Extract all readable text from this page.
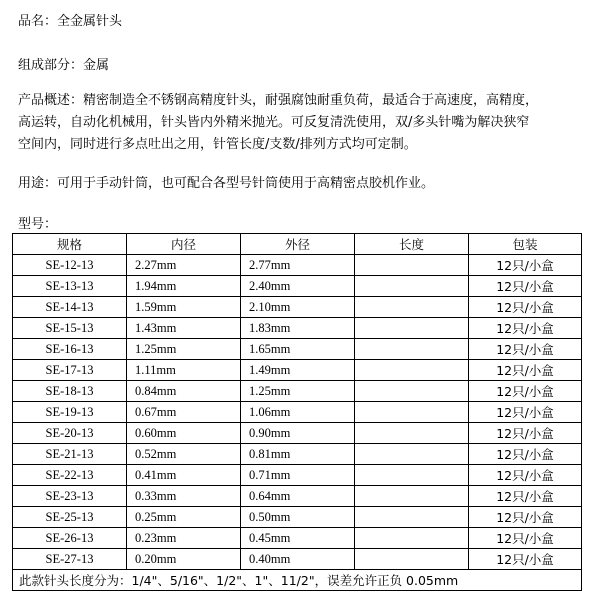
品名：全金属针头
组成部分：金属
产品概述：精密制造全不锈钢高精度针头，耐强腐蚀耐重负荷，最适合于高速度，高精度，
高运转，自动化机械用，针头皆内外精米抛光。可反复清洗使用，双/多头针嘴为解决狭窄
空间内，同时进行多点吐出之用，针管长度/支数/排列方式均可定制。
用途：可用于手动针筒，也可配合各型号针筒使用于高精密点胶机作业。
型号：
规格	内径	外径	长度	包装
SE-12-13	2.27mm	2.77mm		12只/小盒
SE-13-13	1.94mm	2.40mm		12只/小盒
SE-14-13	1.59mm	2.10mm		12只/小盒
SE-15-13	1.43mm	1.83mm		12只/小盒
SE-16-13	1.25mm	1.65mm		12只/小盒
SE-17-13	1.11mm	1.49mm		12只/小盒
SE-18-13	0.84mm	1.25mm		12只/小盒
SE-19-13	0.67mm	1.06mm		12只/小盒
SE-20-13	0.60mm	0.90mm		12只/小盒
SE-21-13	0.52mm	0.81mm		12只/小盒
SE-22-13	0.41mm	0.71mm		12只/小盒
SE-23-13	0.33mm	0.64mm		12只/小盒
SE-25-13	0.25mm	0.50mm		12只/小盒
SE-26-13	0.23mm	0.45mm		12只/小盒
SE-27-13	0.20mm	0.40mm		12只/小盒
此款针头长度分为：1/4"、5/16"、1/2"、1"、11/2"，误差允许正负 0.05mm				
